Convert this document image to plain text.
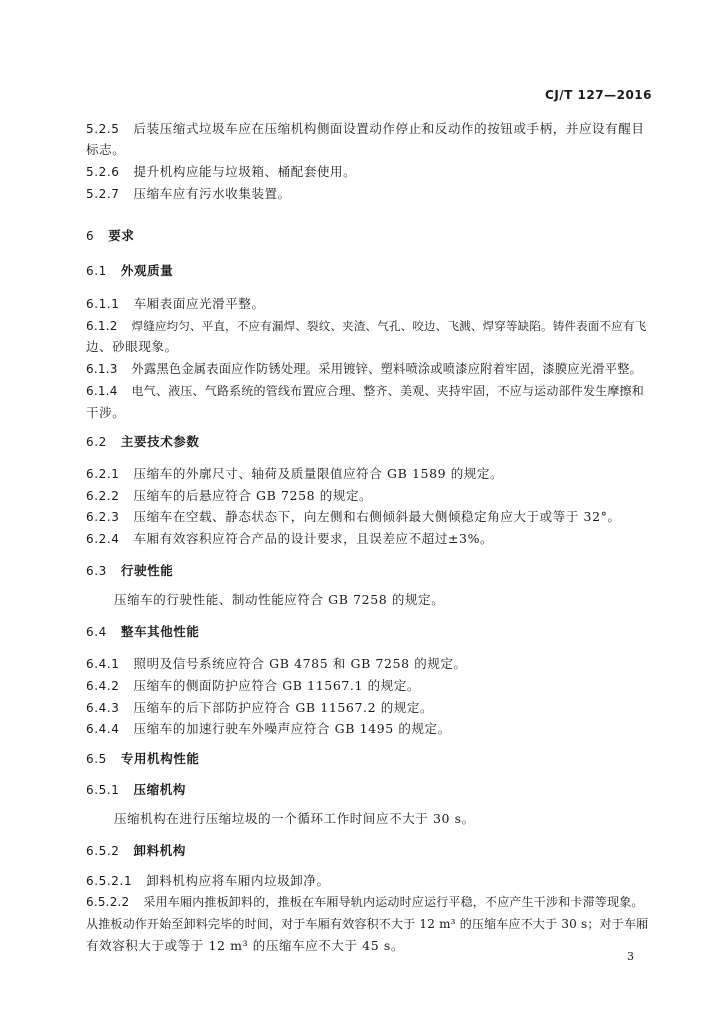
CJ/T 127—2016
5.2.5 后装压缩式垃圾车应在压缩机构侧面设置动作停止和反动作的按钮或手柄，并应设有醒目
标志。
5.2.6 提升机构应能与垃圾箱、桶配套使用。
5.2.7 压缩车应有污水收集装置。
6 要求
6.1 外观质量
6.1.1 车厢表面应光滑平整。
6.1.2 焊缝应均匀、平直，不应有漏焊、裂纹、夹渣、气孔、咬边、飞溅、焊穿等缺陷。铸件表面不应有飞
边、砂眼现象。
6.1.3 外露黑色金属表面应作防锈处理。采用镀锌、塑料喷涂或喷漆应附着牢固，漆膜应光滑平整。
6.1.4 电气、液压、气路系统的管线布置应合理、整齐、美观、夹持牢固，不应与运动部件发生摩擦和
干涉。
6.2 主要技术参数
6.2.1 压缩车的外廓尺寸、轴荷及质量限值应符合 GB 1589 的规定。
6.2.2 压缩车的后悬应符合 GB 7258 的规定。
6.2.3 压缩车在空载、静态状态下，向左侧和右侧倾斜最大侧倾稳定角应大于或等于 32°。
6.2.4 车厢有效容积应符合产品的设计要求，且误差应不超过±3%。
6.3 行驶性能
压缩车的行驶性能、制动性能应符合 GB 7258 的规定。
6.4 整车其他性能
6.4.1 照明及信号系统应符合 GB 4785 和 GB 7258 的规定。
6.4.2 压缩车的侧面防护应符合 GB 11567.1 的规定。
6.4.3 压缩车的后下部防护应符合 GB 11567.2 的规定。
6.4.4 压缩车的加速行驶车外噪声应符合 GB 1495 的规定。
6.5 专用机构性能
6.5.1 压缩机构
压缩机构在进行压缩垃圾的一个循环工作时间应不大于 30 s。
6.5.2 卸料机构
6.5.2.1 卸料机构应将车厢内垃圾卸净。
6.5.2.2 采用车厢内推板卸料的，推板在车厢导轨内运动时应运行平稳，不应产生干涉和卡滞等现象。
从推板动作开始至卸料完毕的时间，对于车厢有效容积不大于 12 m³ 的压缩车应不大于 30 s；对于车厢
有效容积大于或等于 12 m³ 的压缩车应不大于 45 s。
3
